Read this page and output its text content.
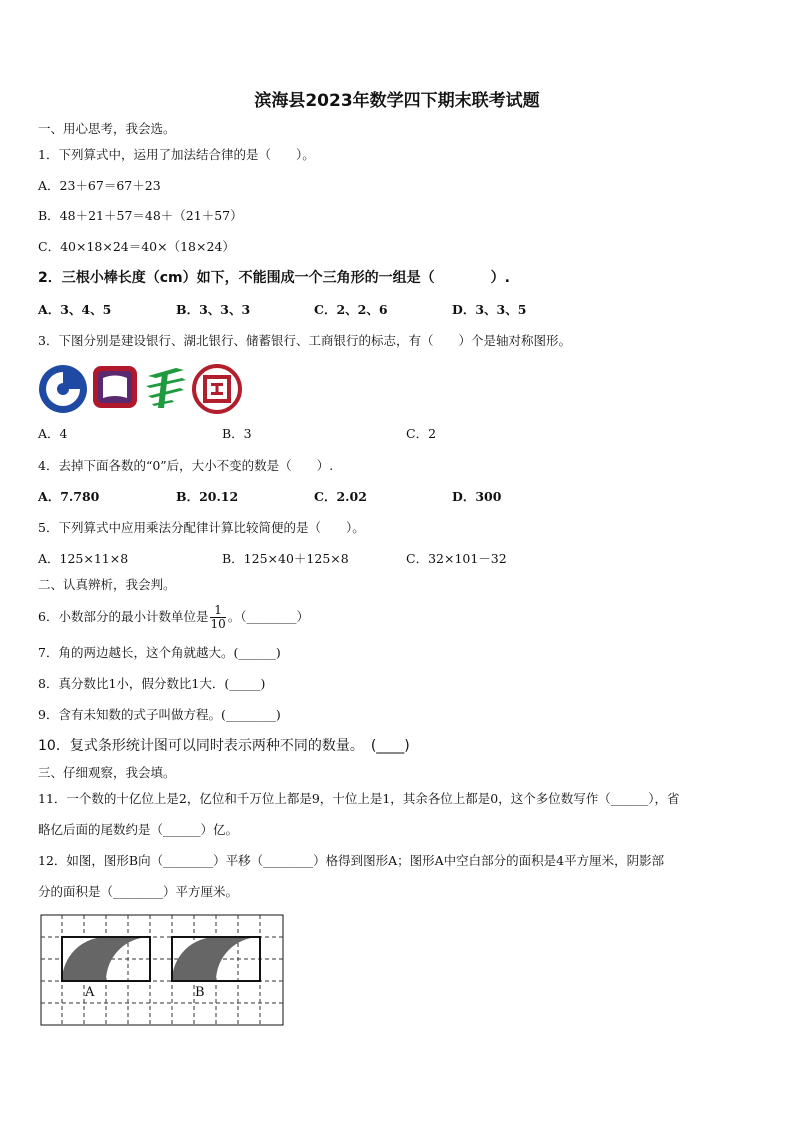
滨海县2023年数学四下期末联考试题
一、用心思考，我会选。
1．下列算式中，运用了加法结合律的是（　　）。
A．23＋67＝67＋23
B．48＋21＋57＝48＋（21＋57）
C．40×18×24＝40×（18×24）
2．三根小棒长度（cm）如下，不能围成一个三角形的一组是（　　　　）.
A．3、4、5	B．3、3、3	C．2、2、6	D．3、3、5
3．下图分别是建设银行、湖北银行、储蓄银行、工商银行的标志，有（　　）个是轴对称图形。
A．4	B．3	C．2
4．去掉下面各数的“0”后，大小不变的数是（　　）.
A．7.780	B．20.12	C．2.02	D．300
5．下列算式中应用乘法分配律计算比较简便的是（　　）。
A．125×11×8	B．125×40＋125×8	C．32×101－32
二、认真辨析，我会判。
6．小数部分的最小计数单位是 $\frac{1}{10}$ 。（________）
7．角的两边越长，这个角就越大。(______)
8．真分数比1小，假分数比1大．(_____)
9．含有未知数的式子叫做方程。(________)
10．复式条形统计图可以同时表示两种不同的数量。　(____)
三、仔细观察，我会填。
11．一个数的十亿位上是2，亿位和千万位上都是9，十位上是1，其余各位上都是0，这个多位数写作（______），省
略亿后面的尾数约是（______）亿。
12．如图，图形B向（________）平移（________）格得到图形A；图形A中空白部分的面积是4平方厘米，阴影部
分的面积是（________）平方厘米。
A	B
